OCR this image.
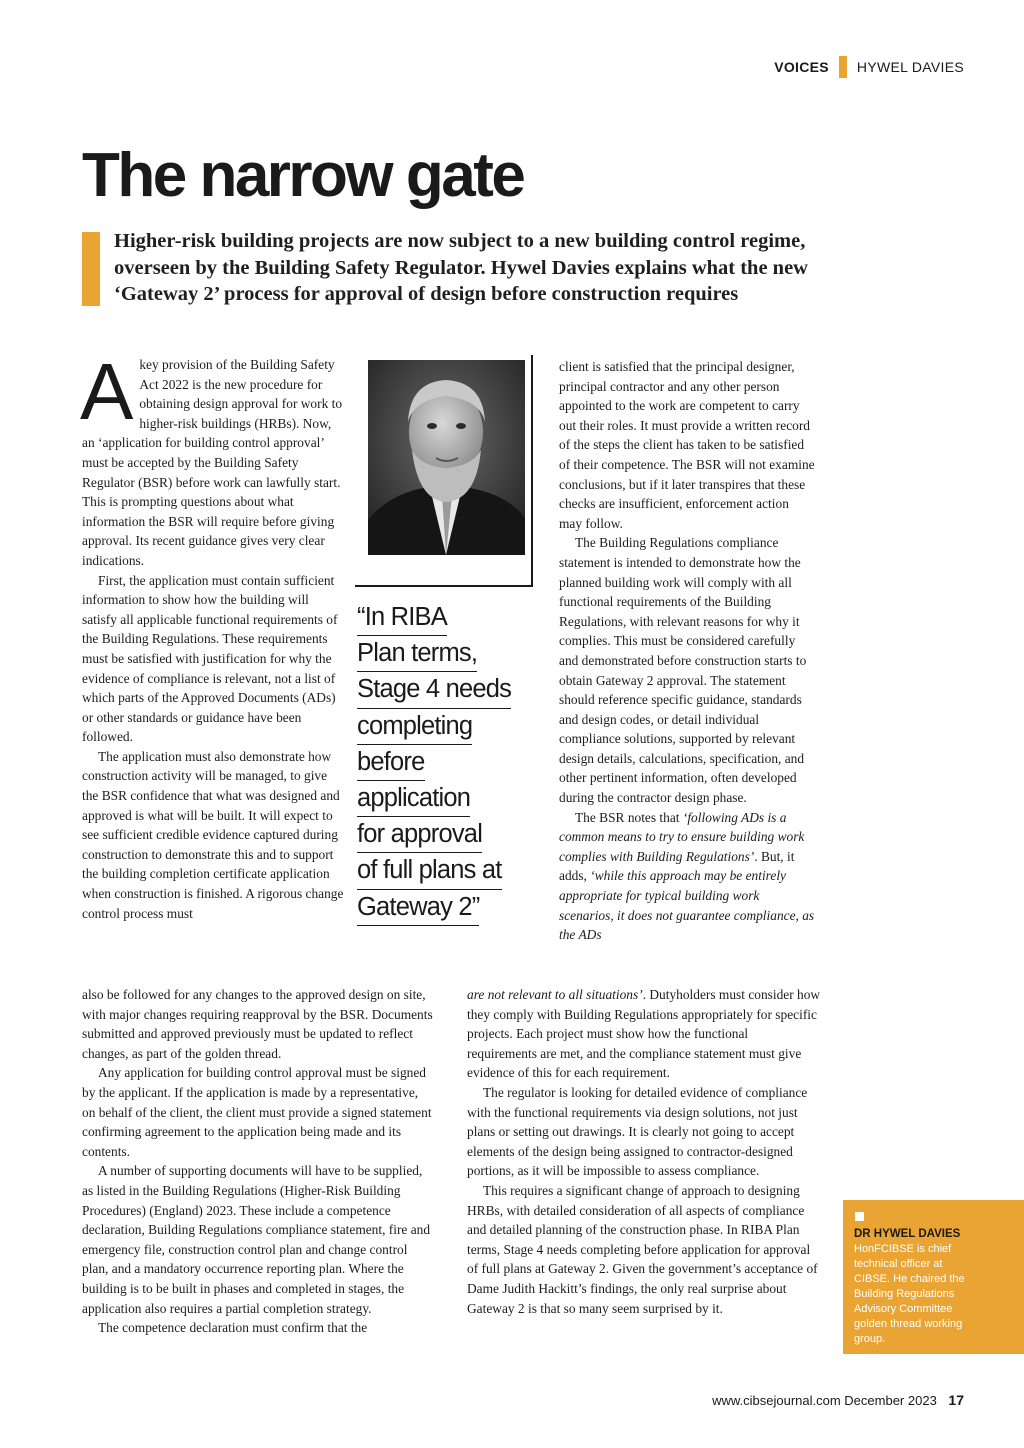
VOICES HYWEL DAVIES
The narrow gate

Higher-risk building projects are now subject to a new building control regime, overseen by the Building Safety Regulator. Hywel Davies explains what the new ‘Gateway 2’ process for approval of design before construction requires

Akey provision of the Building Safety Act 2022 is the new procedure for obtaining design approval for work to higher-risk buildings (HRBs). Now, an ‘application for building control approval’ must be accepted by the Building Safety Regulator (BSR) before work can lawfully start. This is prompting questions about what information the BSR will require before giving approval. Its recent guidance gives very clear indications.

First, the application must contain sufficient information to show how the building will satisfy all applicable functional requirements of the Building Regulations. These requirements must be satisfied with justification for why the evidence of compliance is relevant, not a list of which parts of the Approved Documents (ADs) or other standards or guidance have been followed.

The application must also demonstrate how construction activity will be managed, to give the BSR confidence that what was designed and approved is what will be built. It will expect to see sufficient credible evidence captured during construction to demonstrate this and to support the building completion certificate application when construction is finished. A rigorous change control process must

“In RIBA
Plan terms,
Stage 4 needs
completing
before
application
for approval
of full plans at
Gateway 2”

client is satisfied that the principal designer, principal contractor and any other person appointed to the work are competent to carry out their roles. It must provide a written record of the steps the client has taken to be satisfied of their competence. The BSR will not examine conclusions, but if it later transpires that these checks are insufficient, enforcement action may follow.

The Building Regulations compliance statement is intended to demonstrate how the planned building work will comply with all functional requirements of the Building Regulations, with relevant reasons for why it complies. This must be considered carefully and demonstrated before construction starts to obtain Gateway 2 approval. The statement should reference specific guidance, standards and design codes, or detail individual compliance solutions, supported by relevant design details, calculations, specification, and other pertinent information, often developed during the contractor design phase.

The BSR notes that ‘following ADs is a common means to try to ensure building work complies with Building Regulations’. But, it adds, ‘while this approach may be entirely appropriate for typical building work scenarios, it does not guarantee compliance, as the ADs

also be followed for any changes to the approved design on site, with major changes requiring reapproval by the BSR. Documents submitted and approved previously must be updated to reflect changes, as part of the golden thread.

Any application for building control approval must be signed by the applicant. If the application is made by a representative, on behalf of the client, the client must provide a signed statement confirming agreement to the application being made and its contents.

A number of supporting documents will have to be supplied, as listed in the Building Regulations (Higher-Risk Building Procedures) (England) 2023. These include a competence declaration, Building Regulations compliance statement, fire and emergency file, construction control plan and change control plan, and a mandatory occurrence reporting plan. Where the building is to be built in phases and completed in stages, the application also requires a partial completion strategy.

The competence declaration must confirm that the

are not relevant to all situations’. Dutyholders must consider how they comply with Building Regulations appropriately for specific projects. Each project must show how the functional requirements are met, and the compliance statement must give evidence of this for each requirement.

The regulator is looking for detailed evidence of compliance with the functional requirements via design solutions, not just plans or setting out drawings. It is clearly not going to accept elements of the design being assigned to contractor-designed portions, as it will be impossible to assess compliance.

This requires a significant change of approach to designing HRBs, with detailed consideration of all aspects of compliance and detailed planning of the construction phase. In RIBA Plan terms, Stage 4 needs completing before application for approval of full plans at Gateway 2. Given the government’s acceptance of Dame Judith Hackitt’s findings, the only real surprise about Gateway 2 is that so many seem surprised by it.

DR HYWEL DAVIES
HonFCIBSE is chief technical officer at CIBSE. He chaired the Building Regulations Advisory Committee golden thread working group.
www.cibsejournal.com December 2023 17
